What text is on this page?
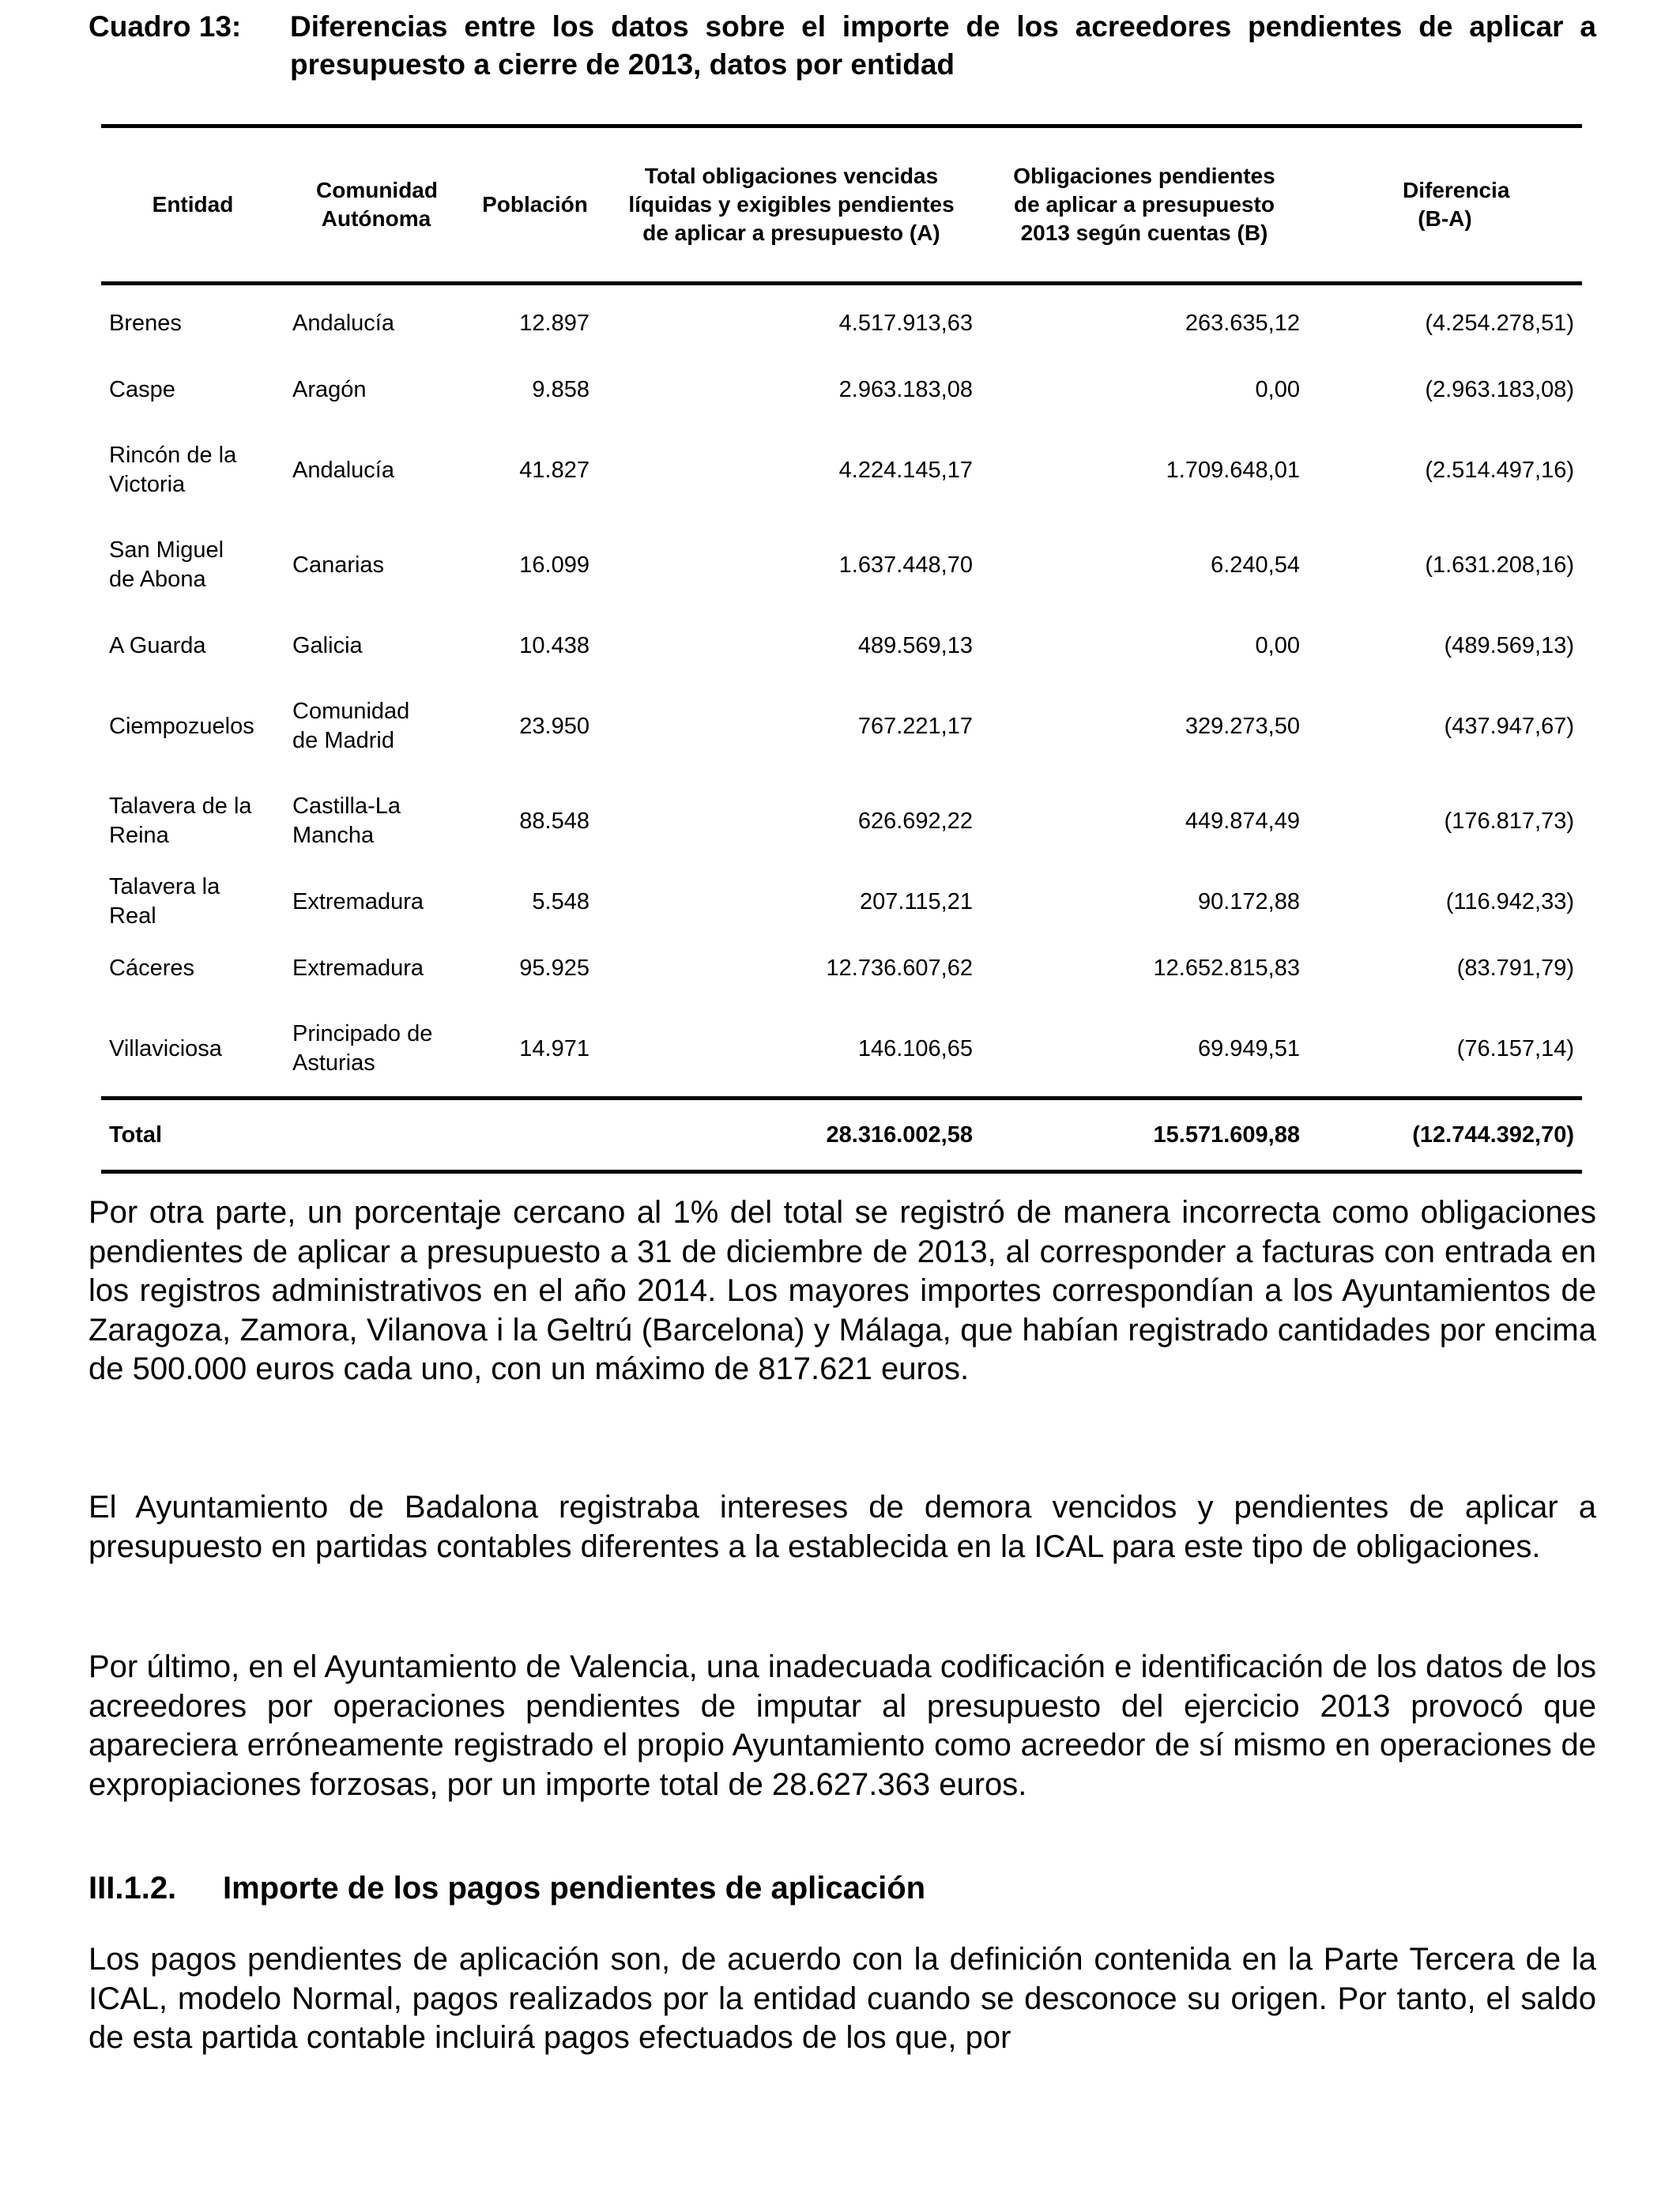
Cuadro 13:	Diferencias entre los datos sobre el importe de los acreedores pendientes de aplicar a presupuesto a cierre de 2013, datos por entidad
Entidad	Comunidad Autónoma	Población	Total obligaciones vencidas líquidas y exigibles pendientes de aplicar a presupuesto (A)	Obligaciones pendientes de aplicar a presupuesto 2013 según cuentas (B)	Diferencia (B-A)
Brenes	Andalucía	12.897	4.517.913,63	263.635,12	(4.254.278,51)
Caspe	Aragón	9.858	2.963.183,08	0,00	(2.963.183,08)
Rincón de la Victoria	Andalucía	41.827	4.224.145,17	1.709.648,01	(2.514.497,16)
San Miguel de Abona	Canarias	16.099	1.637.448,70	6.240,54	(1.631.208,16)
A Guarda	Galicia	10.438	489.569,13	0,00	(489.569,13)
Ciempozuelos	Comunidad de Madrid	23.950	767.221,17	329.273,50	(437.947,67)
Talavera de la Reina	Castilla-La Mancha	88.548	626.692,22	449.874,49	(176.817,73)
Talavera la Real	Extremadura	5.548	207.115,21	90.172,88	(116.942,33)
Cáceres	Extremadura	95.925	12.736.607,62	12.652.815,83	(83.791,79)
Villaviciosa	Principado de Asturias	14.971	146.106,65	69.949,51	(76.157,14)
Total			28.316.002,58	15.571.609,88	(12.744.392,70)

Por otra parte, un porcentaje cercano al 1% del total se registró de manera incorrecta como obligaciones pendientes de aplicar a presupuesto a 31 de diciembre de 2013, al corresponder a facturas con entrada en los registros administrativos en el año 2014. Los mayores importes correspondían a los Ayuntamientos de Zaragoza, Zamora, Vilanova i la Geltrú (Barcelona) y Málaga, que habían registrado cantidades por encima de 500.000 euros cada uno, con un máximo de 817.621 euros.

El Ayuntamiento de Badalona registraba intereses de demora vencidos y pendientes de aplicar a presupuesto en partidas contables diferentes a la establecida en la ICAL para este tipo de obligaciones.

Por último, en el Ayuntamiento de Valencia, una inadecuada codificación e identificación de los datos de los acreedores por operaciones pendientes de imputar al presupuesto del ejercicio 2013 provocó que apareciera erróneamente registrado el propio Ayuntamiento como acreedor de sí mismo en operaciones de expropiaciones forzosas, por un importe total de 28.627.363 euros.

III.1.2.	Importe de los pagos pendientes de aplicación

Los pagos pendientes de aplicación son, de acuerdo con la definición contenida en la Parte Tercera de la ICAL, modelo Normal, pagos realizados por la entidad cuando se desconoce su origen. Por tanto, el saldo de esta partida contable incluirá pagos efectuados de los que, por
